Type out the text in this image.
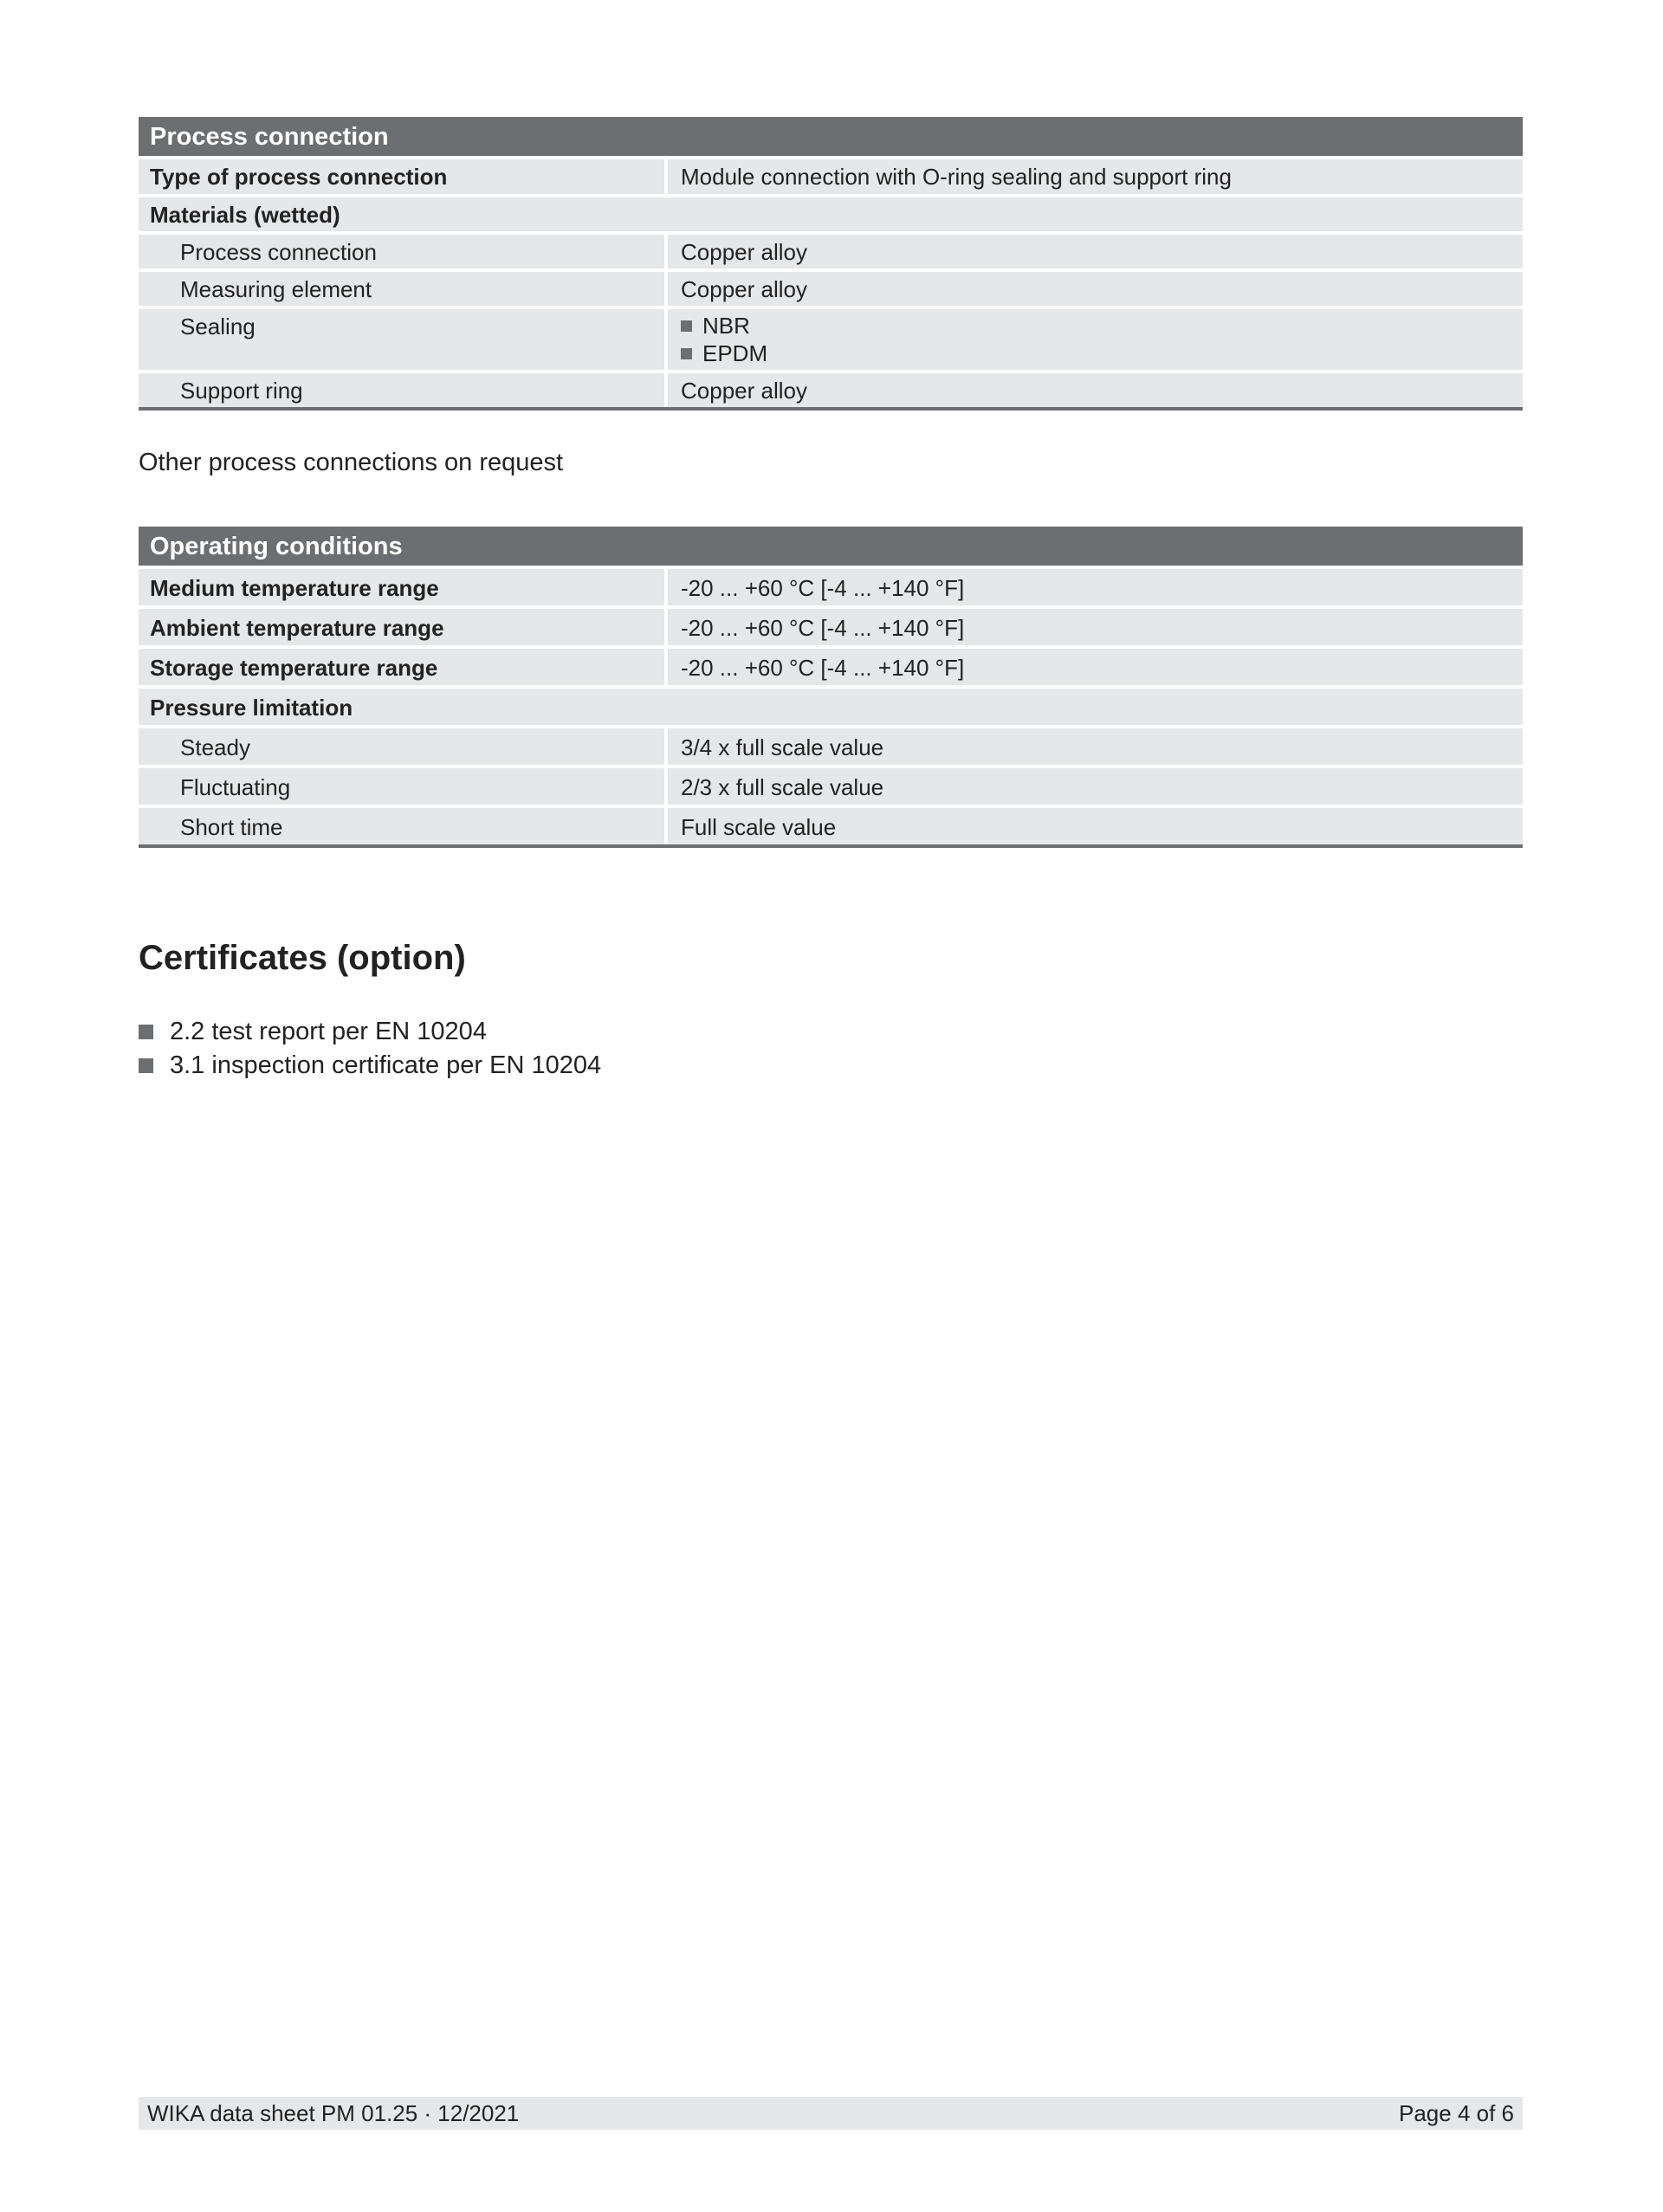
Process connection
Type of process connection	Module connection with O-ring sealing and support ring
Materials (wetted)
Process connection	Copper alloy
Measuring element	Copper alloy
Sealing	NBR
EPDM
Support ring	Copper alloy
Other process connections on request
Operating conditions
Medium temperature range	-20 ... +60 °C [-4 ... +140 °F]
Ambient temperature range	-20 ... +60 °C [-4 ... +140 °F]
Storage temperature range	-20 ... +60 °C [-4 ... +140 °F]
Pressure limitation
Steady	3/4 x full scale value
Fluctuating	2/3 x full scale value
Short time	Full scale value
Certificates (option)
2.2 test report per EN 10204
3.1 inspection certificate per EN 10204
WIKA data sheet PM 01.25 · 12/2021	Page 4 of 6
